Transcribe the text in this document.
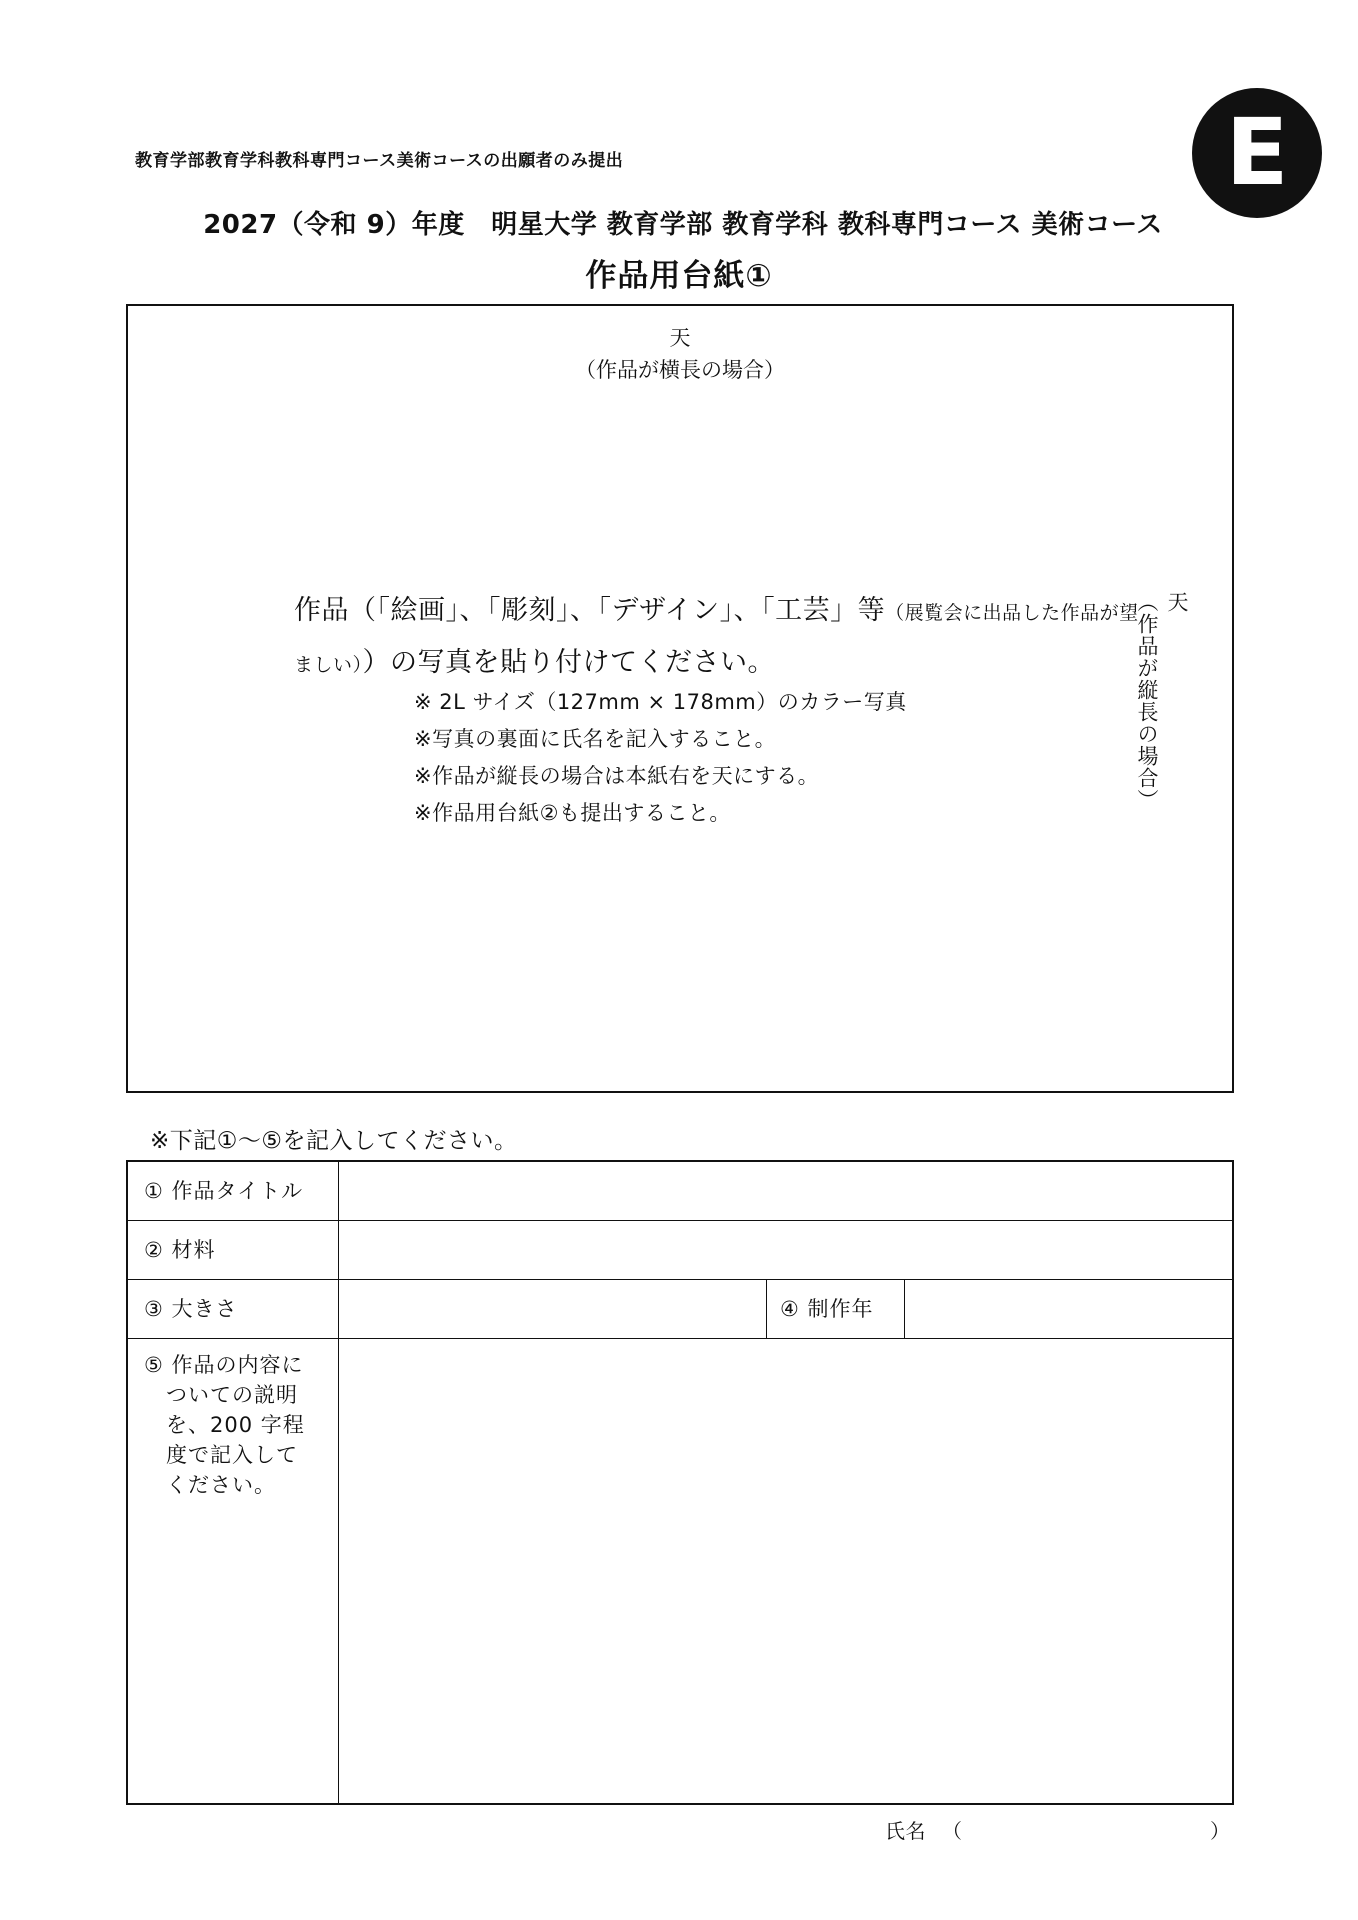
教育学部教育学科教科専門コース美術コースの出願者のみ提出	E
2027（令和 9）年度　明星大学 教育学部 教育学科 教科専門コース 美術コース
作品用台紙①
天
（作品が横長の場合）
天
（作品が縦長の場合）
作品（「絵画」、「彫刻」、「デザイン」、「工芸」等（展覧会に出品した作品が望ましい））の写真を貼り付けてください。
※ 2L サイズ（127mm × 178mm）のカラー写真
※写真の裏面に氏名を記入すること。
※作品が縦長の場合は本紙右を天にする。
※作品用台紙②も提出すること。
※下記①～⑤を記入してください。
① 作品タイトル
② 材料
③ 大きさ	④ 制作年
⑤ 作品の内容に
　ついての説明
　を、200 字程
　度で記入して
　ください。
氏名 （	）
